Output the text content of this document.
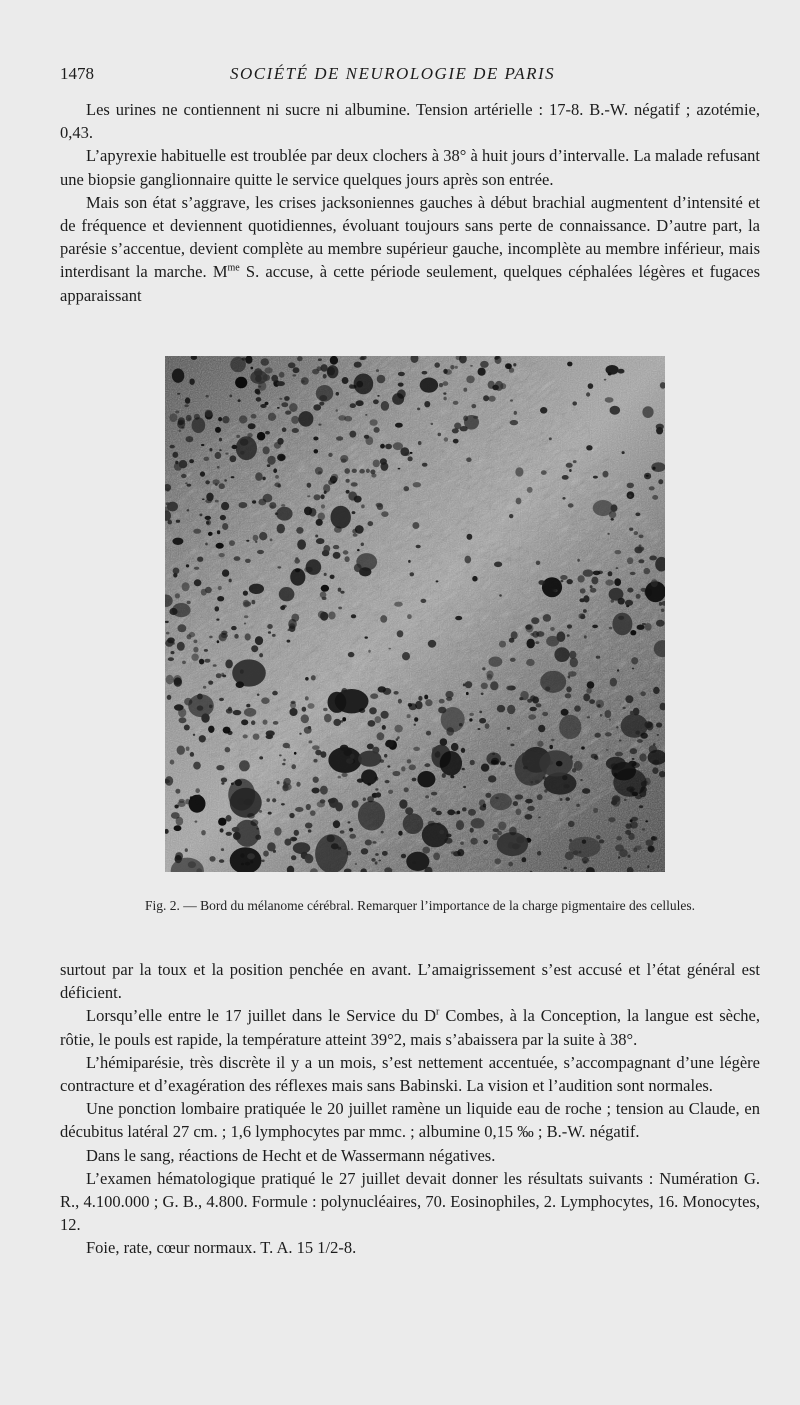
1478	SOCIÉTÉ DE NEUROLOGIE DE PARIS

Les urines ne contiennent ni sucre ni albumine. Tension artérielle : 17-8. B.-W. négatif ; azotémie, 0,43.

L’apyrexie habituelle est troublée par deux clochers à 38° à huit jours d’intervalle. La malade refusant une biopsie ganglionnaire quitte le service quelques jours après son entrée.

Mais son état s’aggrave, les crises jacksoniennes gauches à début brachial augmentent d’intensité et de fréquence et deviennent quotidiennes, évoluant toujours sans perte de connaissance. D’autre part, la parésie s’accentue, devient complète au membre supérieur gauche, incomplète au membre inférieur, mais interdisant la marche. $M^{me}$ S. accuse, à cette période seulement, quelques céphalées légères et fugaces apparaissant

Fig. 2. — Bord du mélanome cérébral. Remarquer l’importance de la charge pigmentaire des cellules.

surtout par la toux et la position penchée en avant. L’amaigrissement s’est accusé et l’état général est déficient.

Lorsqu’elle entre le 17 juillet dans le Service du $D^r$ Combes, à la Conception, la langue est sèche, rôtie, le pouls est rapide, la température atteint 39°2, mais s’abaissera par la suite à 38°.

L’hémiparésie, très discrète il y a un mois, s’est nettement accentuée, s’accompagnant d’une légère contracture et d’exagération des réflexes mais sans Babinski. La vision et l’audition sont normales.

Une ponction lombaire pratiquée le 20 juillet ramène un liquide eau de roche ; tension au Claude, en décubitus latéral 27 cm. ; 1,6 lymphocytes par mmc. ; albumine 0,15 ‰ ; B.-W. négatif.

Dans le sang, réactions de Hecht et de Wassermann négatives.

L’examen hématologique pratiqué le 27 juillet devait donner les résultats suivants : Numération G. R., 4.100.000 ; G. B., 4.800. Formule : polynucléaires, 70. Eosinophiles, 2. Lymphocytes, 16. Monocytes, 12.

Foie, rate, cœur normaux. T. A. 15 1/2-8.
